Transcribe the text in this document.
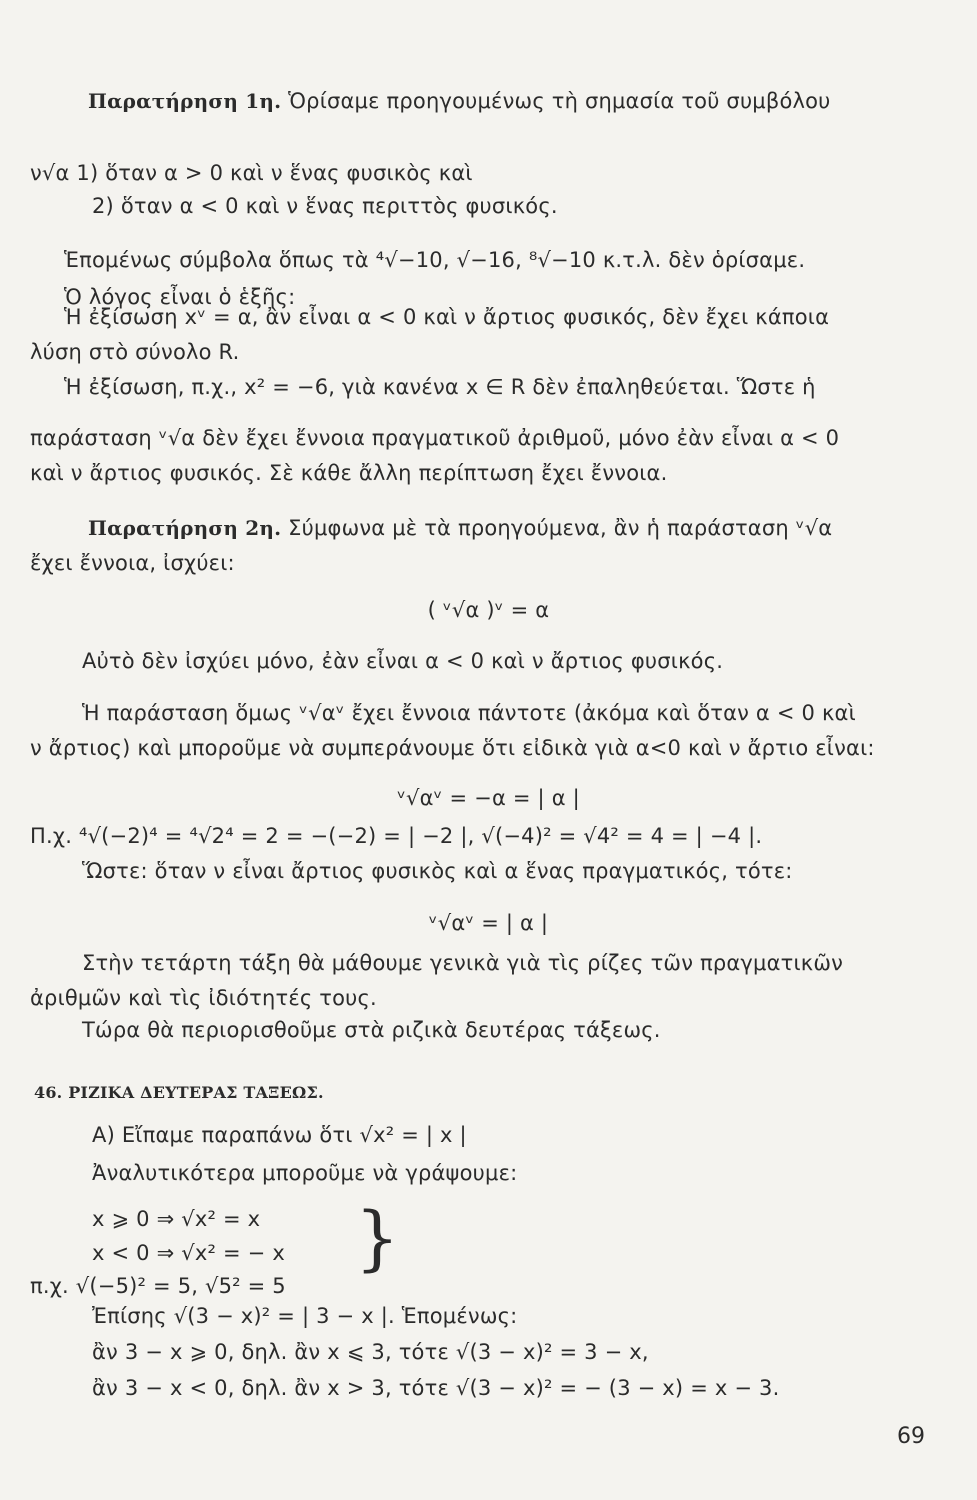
Παρατήρηση 1η. Ὁρίσαμε προηγουμένως τὴ σημασία τοῦ συμβόλου
ν√α 1) ὅταν α > 0 καὶ ν ἕνας φυσικὸς καὶ
2) ὅταν α < 0 καὶ ν ἕνας περιττὸς φυσικός.
Ἑπομένως σύμβολα ὅπως τὰ ⁴√−10, √−16, ⁸√−10 κ.τ.λ. δὲν ὁρίσαμε.
Ὁ λόγος εἶναι ὁ ἑξῆς:
Ἡ ἐξίσωση xᵛ = α, ἂν εἶναι α < 0 καὶ ν ἄρτιος φυσικός, δὲν ἔχει κάποια
λύση στὸ σύνολο R.
Ἡ ἐξίσωση, π.χ., x² = −6, γιὰ κανένα x ∈ R δὲν ἐπαληθεύεται. Ὥστε ἡ
παράσταση ᵛ√α δὲν ἔχει ἔννοια πραγματικοῦ ἀριθμοῦ, μόνο ἐὰν εἶναι α < 0
καὶ ν ἄρτιος φυσικός. Σὲ κάθε ἄλλη περίπτωση ἔχει ἔννοια.
Παρατήρηση 2η. Σύμφωνα μὲ τὰ προηγούμενα, ἂν ἡ παράσταση ᵛ√α
ἔχει ἔννοια, ἰσχύει:
( ᵛ√α )ᵛ = α
Αὐτὸ δὲν ἰσχύει μόνο, ἐὰν εἶναι α < 0 καὶ ν ἄρτιος φυσικός.
Ἡ παράσταση ὅμως ᵛ√αᵛ ἔχει ἔννοια πάντοτε (ἀκόμα καὶ ὅταν α < 0 καὶ
ν ἄρτιος) καὶ μποροῦμε νὰ συμπεράνουμε ὅτι εἰδικὰ γιὰ α<0 καὶ ν ἄρτιο εἶναι:
ᵛ√αᵛ = −α = | α |
Π.χ. ⁴√(−2)⁴ = ⁴√2⁴ = 2 = −(−2) = | −2 |, √(−4)² = √4² = 4 = | −4 |.
Ὥστε: ὅταν ν εἶναι ἄρτιος φυσικὸς καὶ α ἕνας πραγματικός, τότε:
ᵛ√αᵛ = | α |
Στὴν τετάρτη τάξη θὰ μάθουμε γενικὰ γιὰ τὶς ρίζες τῶν πραγματικῶν
ἀριθμῶν καὶ τὶς ἰδιότητές τους.
Τώρα θὰ περιορισθοῦμε στὰ ριζικὰ δευτέρας τάξεως.
46. ΡΙΖΙΚΑ ΔΕΥΤΕΡΑΣ ΤΑΞΕΩΣ.
Α) Εἴπαμε παραπάνω ὅτι √x² = | x |
Ἀναλυτικότερα μποροῦμε νὰ γράψουμε:
x ⩾ 0 ⇒ √x² = x
x < 0 ⇒ √x² = − x }
π.χ. √(−5)² = 5, √5² = 5
Ἐπίσης √(3 − x)² = | 3 − x |. Ἑπομένως:
ἂν 3 − x ⩾ 0, δηλ. ἂν x ⩽ 3, τότε √(3 − x)² = 3 − x,
ἂν 3 − x < 0, δηλ. ἂν x > 3, τότε √(3 − x)² = − (3 − x) = x − 3.
69
